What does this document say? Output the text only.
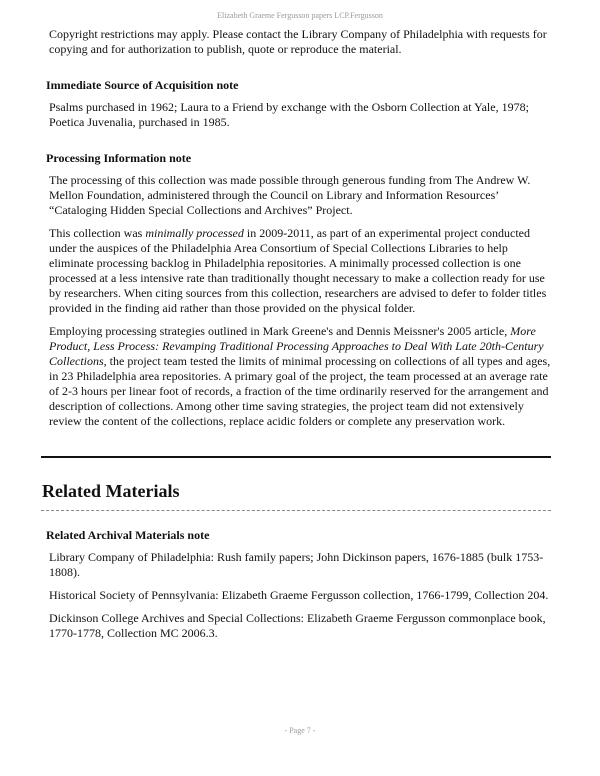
Elizabeth Graeme Fergusson papers LCP.Fergusson

Copyright restrictions may apply. Please contact the Library Company of Philadelphia with requests for copying and for authorization to publish, quote or reproduce the material.

Immediate Source of Acquisition note

Psalms purchased in 1962; Laura to a Friend by exchange with the Osborn Collection at Yale, 1978; Poetica Juvenalia, purchased in 1985.

Processing Information note

The processing of this collection was made possible through generous funding from The Andrew W. Mellon Foundation, administered through the Council on Library and Information Resources’ “Cataloging Hidden Special Collections and Archives” Project.

This collection was minimally processed in 2009-2011, as part of an experimental project conducted under the auspices of the Philadelphia Area Consortium of Special Collections Libraries to help eliminate processing backlog in Philadelphia repositories. A minimally processed collection is one processed at a less intensive rate than traditionally thought necessary to make a collection ready for use by researchers. When citing sources from this collection, researchers are advised to defer to folder titles provided in the finding aid rather than those provided on the physical folder.

Employing processing strategies outlined in Mark Greene's and Dennis Meissner's 2005 article, More Product, Less Process: Revamping Traditional Processing Approaches to Deal With Late 20th-Century Collections, the project team tested the limits of minimal processing on collections of all types and ages, in 23 Philadelphia area repositories. A primary goal of the project, the team processed at an average rate of 2-3 hours per linear foot of records, a fraction of the time ordinarily reserved for the arrangement and description of collections. Among other time saving strategies, the project team did not extensively review the content of the collections, replace acidic folders or complete any preservation work.

Related Materials
Related Archival Materials note

Library Company of Philadelphia: Rush family papers; John Dickinson papers, 1676-1885 (bulk 1753-1808).

Historical Society of Pennsylvania: Elizabeth Graeme Fergusson collection, 1766-1799, Collection 204.

Dickinson College Archives and Special Collections: Elizabeth Graeme Fergusson commonplace book, 1770-1778, Collection MC 2006.3.

- Page 7 -
